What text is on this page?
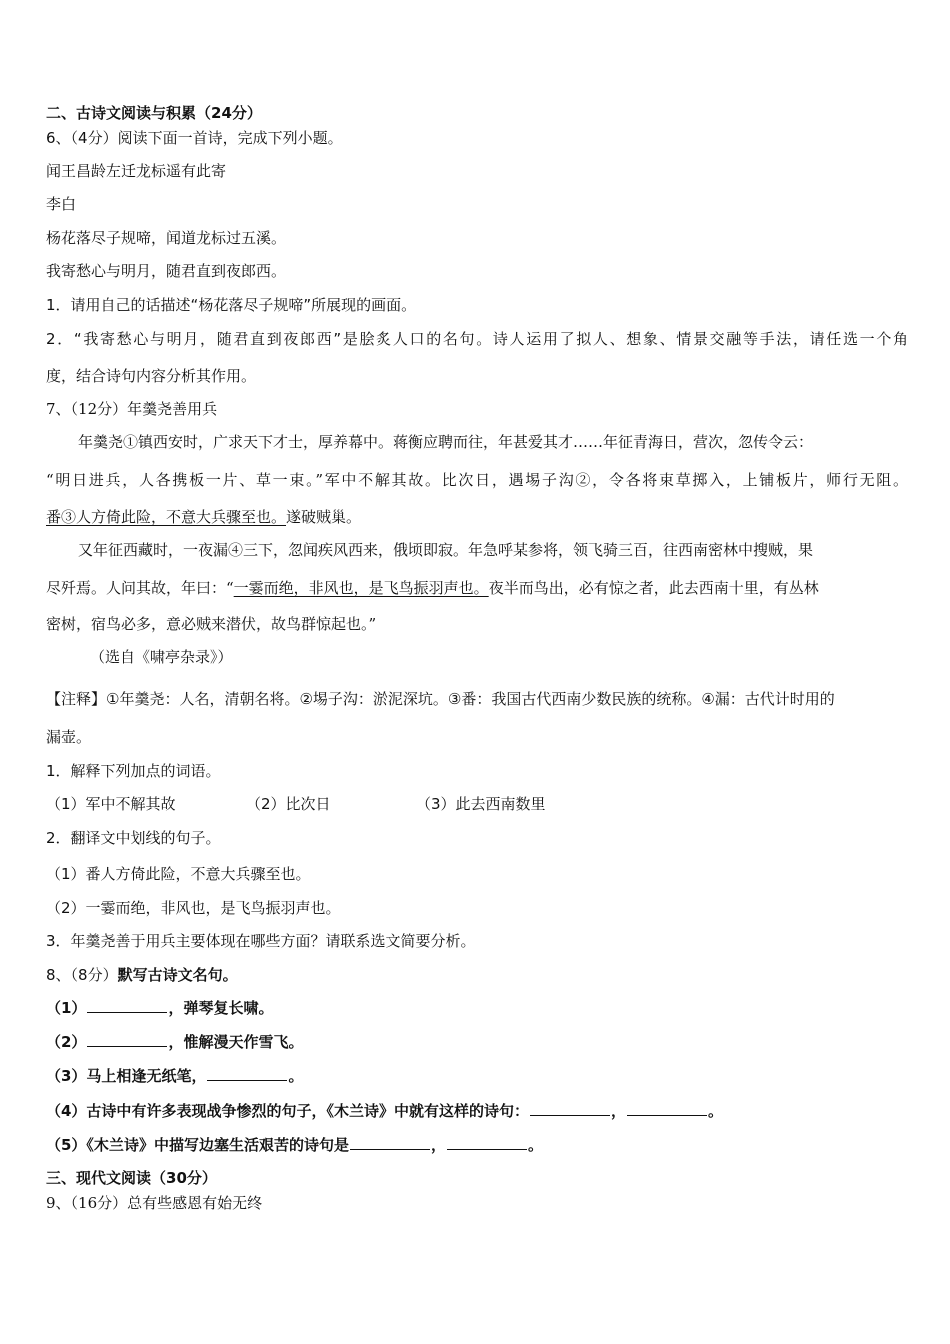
二、古诗文阅读与积累（24分）
6、（4分）阅读下面一首诗，完成下列小题。
闻王昌龄左迁龙标遥有此寄
李白
杨花落尽子规啼，闻道龙标过五溪。
我寄愁心与明月，随君直到夜郎西。
1．请用自己的话描述“杨花落尽子规啼”所展现的画面。
2．“我寄愁心与明月，随君直到夜郎西”是脍炙人口的名句。诗人运用了拟人、想象、情景交融等手法，请任选一个角
度，结合诗句内容分析其作用。
7、（12分）年羹尧善用兵
年羹尧①镇西安时，广求天下才士，厚养幕中。蒋衡应聘而往，年甚爱其才……年征青海日，营次，忽传令云：
“明日进兵，人各携板一片、草一束。”军中不解其故。比次日，遇埸子沟②，令各将束草掷入，上铺板片，师行无阻。
番③人方倚此险，不意大兵骤至也。遂破贼巢。
又年征西藏时，一夜漏④三下，忽闻疾风西来，俄顷即寂。年急呼某参将，领飞骑三百，往西南密林中搜贼，果
尽歼焉。人问其故，年曰：“一霎而绝，非风也，是飞鸟振羽声也。夜半而鸟出，必有惊之者，此去西南十里，有丛林
密树，宿鸟必多，意必贼来潜伏，故鸟群惊起也。”
（选自《啸亭杂录》）
【注释】①年羹尧：人名，清朝名将。②埸子沟：淤泥深坑。③番：我国古代西南少数民族的统称。④漏：古代计时用的
漏壶。
1．解释下列加点的词语。
（1）军中不解其故	（2）比次日	（3）此去西南数里
2．翻译文中划线的句子。
（1）番人方倚此险，不意大兵骤至也。
（2）一霎而绝，非风也，是飞鸟振羽声也。
3．年羹尧善于用兵主要体现在哪些方面？请联系选文简要分析。
8、（8分）默写古诗文名句。
（1）	，弹琴复长啸。
（2）	，惟解漫天作雪飞。
（3）马上相逢无纸笔，	。
（4）古诗中有许多表现战争惨烈的句子，《木兰诗》中就有这样的诗句：	，	。
（5）《木兰诗》中描写边塞生活艰苦的诗句是	，	。
三、现代文阅读（30分）
9、（16分）总有些感恩有始无终
